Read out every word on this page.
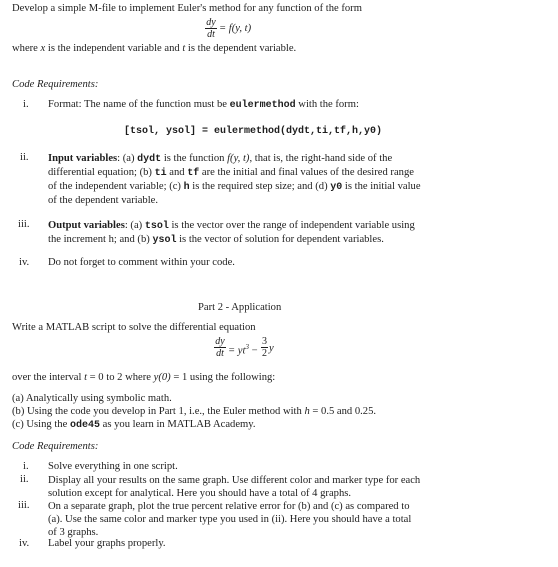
Develop a simple M-file to implement Euler's method for any function of the form
dy
dt
= f(y, t)
where x is the independent variable and t is the dependent variable.
Code Requirements:
i. Format: The name of the function must be eulermethod with the form:
[tsol, ysol] = eulermethod(dydt,ti,tf,h,y0)
ii. Input variables: (a) dydt is the function f(y, t), that is, the right-hand side of the
differential equation; (b) ti and tf are the initial and final values of the desired range
of the independent variable; (c) h is the required step size; and (d) y0 is the initial value
of the dependent variable.
iii. Output variables: (a) tsol is the vector over the range of independent variable using
the increment h; and (b) ysol is the vector of solution for dependent variables.
iv. Do not forget to comment within your code.
Part 2 - Application
Write a MATLAB script to solve the differential equation
dy
dt = $yt^3$ −
3
2 y
over the interval t = 0 to 2 where y(0) = 1 using the following:
(a) Analytically using symbolic math.
(b) Using the code you develop in Part 1, i.e., the Euler method with h = 0.5 and 0.25.
(c) Using the ode45 as you learn in MATLAB Academy.
Code Requirements:
i. Solve everything in one script.
ii. Display all your results on the same graph. Use different color and marker type for each
solution except for analytical. Here you should have a total of 4 graphs.
iii. On a separate graph, plot the true percent relative error for (b) and (c) as compared to
(a). Use the same color and marker type you used in (ii). Here you should have a total
of 3 graphs.
iv. Label your graphs properly.
